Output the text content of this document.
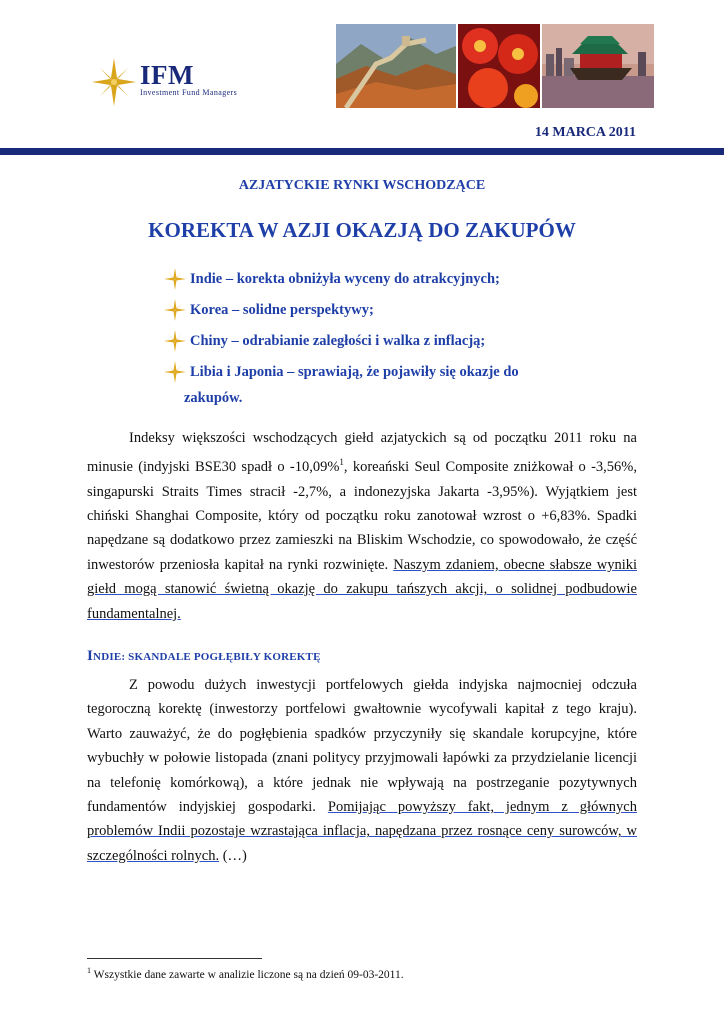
IFM
Investment Fund Managers
14 MARCA 2011
AZJATYCKIE RYNKI WSCHODZĄCE
KOREKTA W AZJI OKAZJĄ DO ZAKUPÓW
Indie – korekta obniżyła wyceny do atrakcyjnych;
Korea – solidne perspektywy;
Chiny – odrabianie zaległości i walka z inflacją;
Libia i Japonia – sprawiają, że pojawiły się okazje do
zakupów.

Indeksy większości wschodzących giełd azjatyckich są od początku 2011 roku na minusie (indyjski BSE30 spadł o -10,09%$^1$, koreański Seul Composite zniżkował o -3,56%, singapurski Straits Times stracił -2,7%, a indonezyjska Jakarta -3,95%). Wyjątkiem jest chiński Shanghai Composite, który od początku roku zanotował wzrost o +6,83%. Spadki napędzane są dodatkowo przez zamieszki na Bliskim Wschodzie, co spowodowało, że część inwestorów przeniosła kapitał na rynki rozwinięte. Naszym zdaniem, obecne słabsze wyniki giełd mogą stanowić świetną okazję do zakupu tańszych akcji, o solidnej podbudowie fundamentalnej.

INDIE: SKANDALE POGŁĘBIŁY KOREKTĘ

Z powodu dużych inwestycji portfelowych giełda indyjska najmocniej odczuła tegoroczną korektę (inwestorzy portfelowi gwałtownie wycofywali kapitał z tego kraju). Warto zauważyć, że do pogłębienia spadków przyczyniły się skandale korupcyjne, które wybuchły w połowie listopada (znani politycy przyjmowali łapówki za przydzielanie licencji na telefonię komórkową), a które jednak nie wpływają na postrzeganie pozytywnych fundamentów indyjskiej gospodarki. Pomijając powyższy fakt, jednym z głównych problemów Indii pozostaje wzrastająca inflacja, napędzana przez rosnące ceny surowców, w szczególności rolnych. (…)

$^1$ Wszystkie dane zawarte w analizie liczone są na dzień 09-03-2011.
